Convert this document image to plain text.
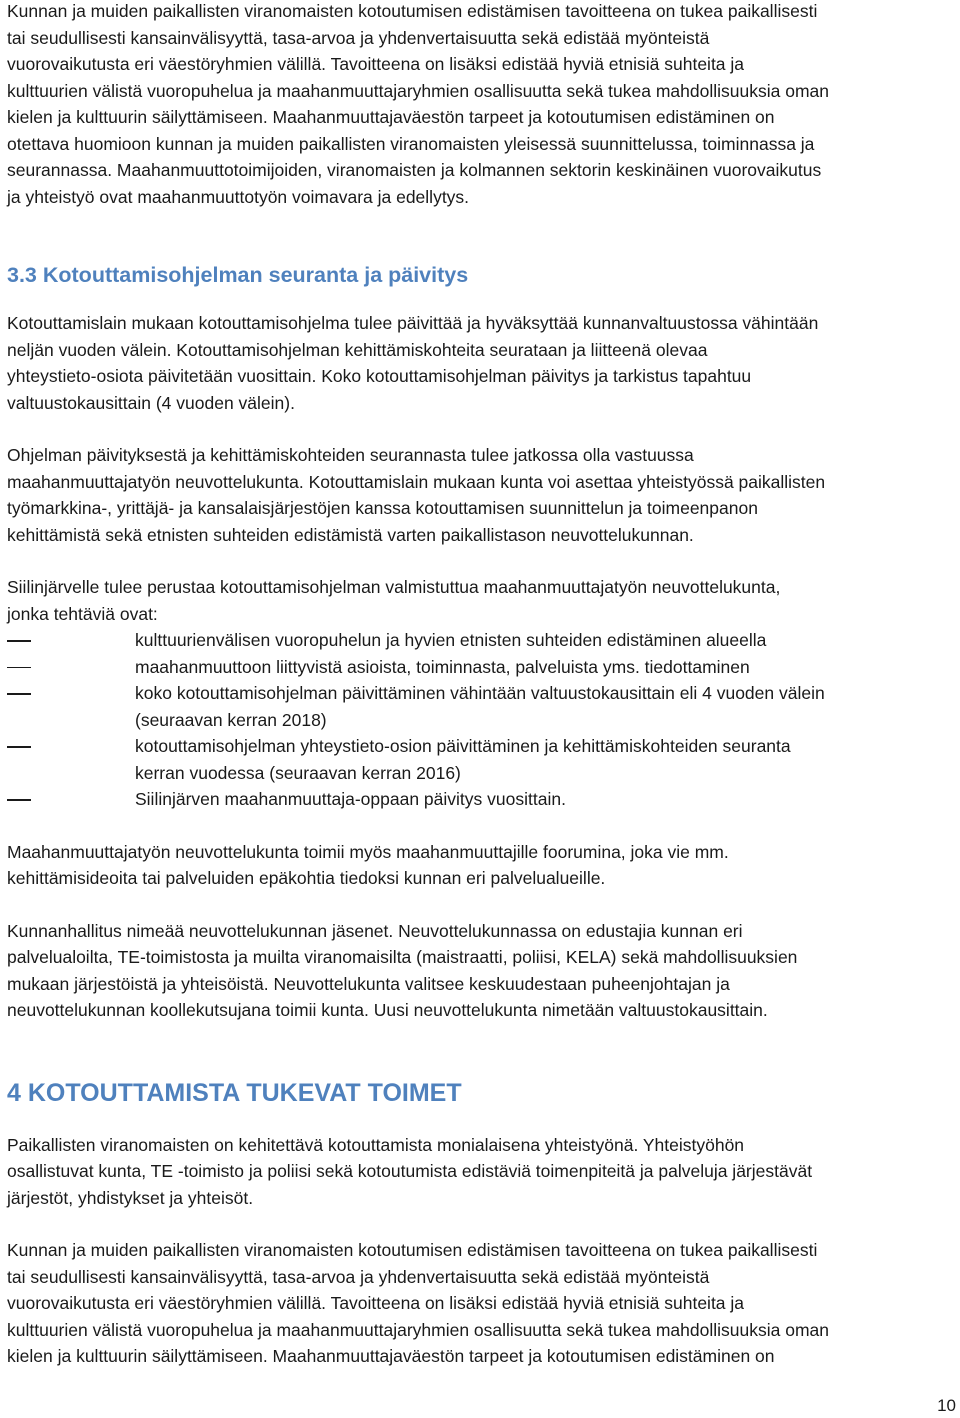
Kunnan ja muiden paikallisten viranomaisten kotoutumisen edistämisen tavoitteena on tukea paikallisesti
tai seudullisesti kansainvälisyyttä, tasa-arvoa ja yhdenvertaisuutta sekä edistää myönteistä
vuorovaikutusta eri väestöryhmien välillä. Tavoitteena on lisäksi edistää hyviä etnisiä suhteita ja
kulttuurien välistä vuoropuhelua ja maahanmuuttajaryhmien osallisuutta sekä tukea mahdollisuuksia oman
kielen ja kulttuurin säilyttämiseen. Maahanmuuttajaväestön tarpeet ja kotoutumisen edistäminen on
otettava huomioon kunnan ja muiden paikallisten viranomaisten yleisessä suunnittelussa, toiminnassa ja
seurannassa. Maahanmuuttotoimijoiden, viranomaisten ja kolmannen sektorin keskinäinen vuorovaikutus
ja yhteistyö ovat maahanmuuttotyön voimavara ja edellytys.

3.3 Kotouttamisohjelman seuranta ja päivitys

Kotouttamislain mukaan kotouttamisohjelma tulee päivittää ja hyväksyttää kunnanvaltuustossa vähintään
neljän vuoden välein. Kotouttamisohjelman kehittämiskohteita seurataan ja liitteenä olevaa
yhteystieto-osiota päivitetään vuosittain. Koko kotouttamisohjelman päivitys ja tarkistus tapahtuu
valtuustokausittain (4 vuoden välein).

Ohjelman päivityksestä ja kehittämiskohteiden seurannasta tulee jatkossa olla vastuussa
maahanmuuttajatyön neuvottelukunta. Kotouttamislain mukaan kunta voi asettaa yhteistyössä paikallisten
työmarkkina-, yrittäjä- ja kansalaisjärjestöjen kanssa kotouttamisen suunnittelun ja toimeenpanon
kehittämistä sekä etnisten suhteiden edistämistä varten paikallistason neuvottelukunnan.

Siilinjärvelle tulee perustaa kotouttamisohjelman valmistuttua maahanmuuttajatyön neuvottelukunta,
jonka tehtäviä ovat:

kulttuurienvälisen vuoropuhelun ja hyvien etnisten suhteiden edistäminen alueella
maahanmuuttoon liittyvistä asioista, toiminnasta, palveluista yms. tiedottaminen
koko kotouttamisohjelman päivittäminen vähintään valtuustokausittain eli 4 vuoden välein
(seuraavan kerran 2018)
kotouttamisohjelman yhteystieto-osion päivittäminen ja kehittämiskohteiden seuranta
kerran vuodessa (seuraavan kerran 2016)
Siilinjärven maahanmuuttaja-oppaan päivitys vuosittain.

Maahanmuuttajatyön neuvottelukunta toimii myös maahanmuuttajille foorumina, joka vie mm.
kehittämisideoita tai palveluiden epäkohtia tiedoksi kunnan eri palvelualueille.

Kunnanhallitus nimeää neuvottelukunnan jäsenet. Neuvottelukunnassa on edustajia kunnan eri
palvelualoilta, TE-toimistosta ja muilta viranomaisilta (maistraatti, poliisi, KELA) sekä mahdollisuuksien
mukaan järjestöistä ja yhteisöistä. Neuvottelukunta valitsee keskuudestaan puheenjohtajan ja
neuvottelukunnan koollekutsujana toimii kunta. Uusi neuvottelukunta nimetään valtuustokausittain.

4 KOTOUTTAMISTA TUKEVAT TOIMET

Paikallisten viranomaisten on kehitettävä kotouttamista monialaisena yhteistyönä. Yhteistyöhön
osallistuvat kunta, TE -toimisto ja poliisi sekä kotoutumista edistäviä toimenpiteitä ja palveluja järjestävät
järjestöt, yhdistykset ja yhteisöt.

Kunnan ja muiden paikallisten viranomaisten kotoutumisen edistämisen tavoitteena on tukea paikallisesti
tai seudullisesti kansainvälisyyttä, tasa-arvoa ja yhdenvertaisuutta sekä edistää myönteistä
vuorovaikutusta eri väestöryhmien välillä. Tavoitteena on lisäksi edistää hyviä etnisiä suhteita ja
kulttuurien välistä vuoropuhelua ja maahanmuuttajaryhmien osallisuutta sekä tukea mahdollisuuksia oman
kielen ja kulttuurin säilyttämiseen. Maahanmuuttajaväestön tarpeet ja kotoutumisen edistäminen on

10
